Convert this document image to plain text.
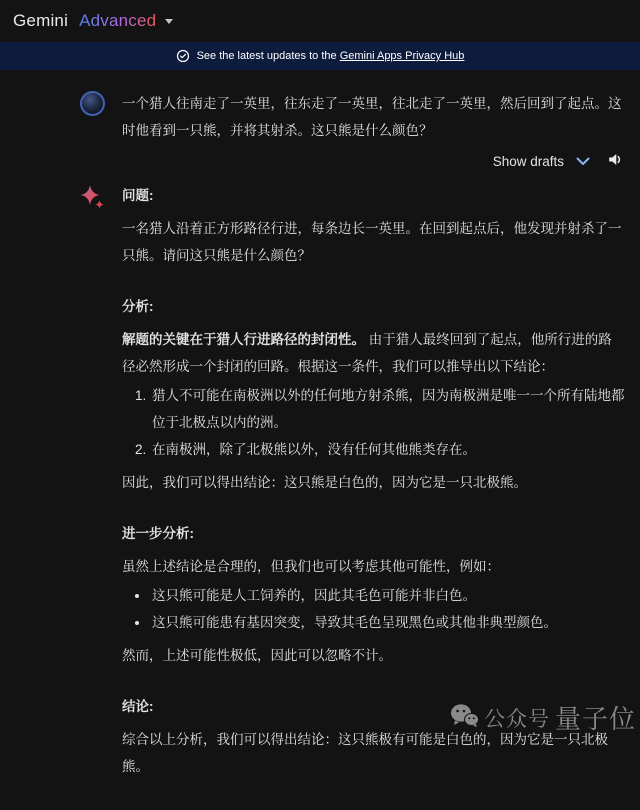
Gemini Advanced
See the latest updates to the Gemini Apps Privacy Hub
一个猎人往南走了一英里，往东走了一英里，往北走了一英里，然后回到了起点。这时他看到一只熊，并将其射杀。这只熊是什么颜色？
Show drafts
问题:

一名猎人沿着正方形路径行进，每条边长一英里。在回到起点后，他发现并射杀了一只熊。请问这只熊是什么颜色？

分析:

解题的关键在于猎人行进路径的封闭性。 由于猎人最终回到了起点，他所行进的路径必然形成一个封闭的回路。根据这一条件，我们可以推导出以下结论：

1. 猎人不可能在南极洲以外的任何地方射杀熊，因为南极洲是唯一一个所有陆地都位于北极点以内的洲。
2. 在南极洲，除了北极熊以外，没有任何其他熊类存在。

因此，我们可以得出结论：这只熊是白色的，因为它是一只北极熊。

进一步分析:

虽然上述结论是合理的，但我们也可以考虑其他可能性，例如：

• 这只熊可能是人工饲养的，因此其毛色可能并非白色。
• 这只熊可能患有基因突变，导致其毛色呈现黑色或其他非典型颜色。

然而，上述可能性极低，因此可以忽略不计。

结论:

综合以上分析，我们可以得出结论：这只熊极有可能是白色的，因为它是一只北极熊。

公众号 量子位
